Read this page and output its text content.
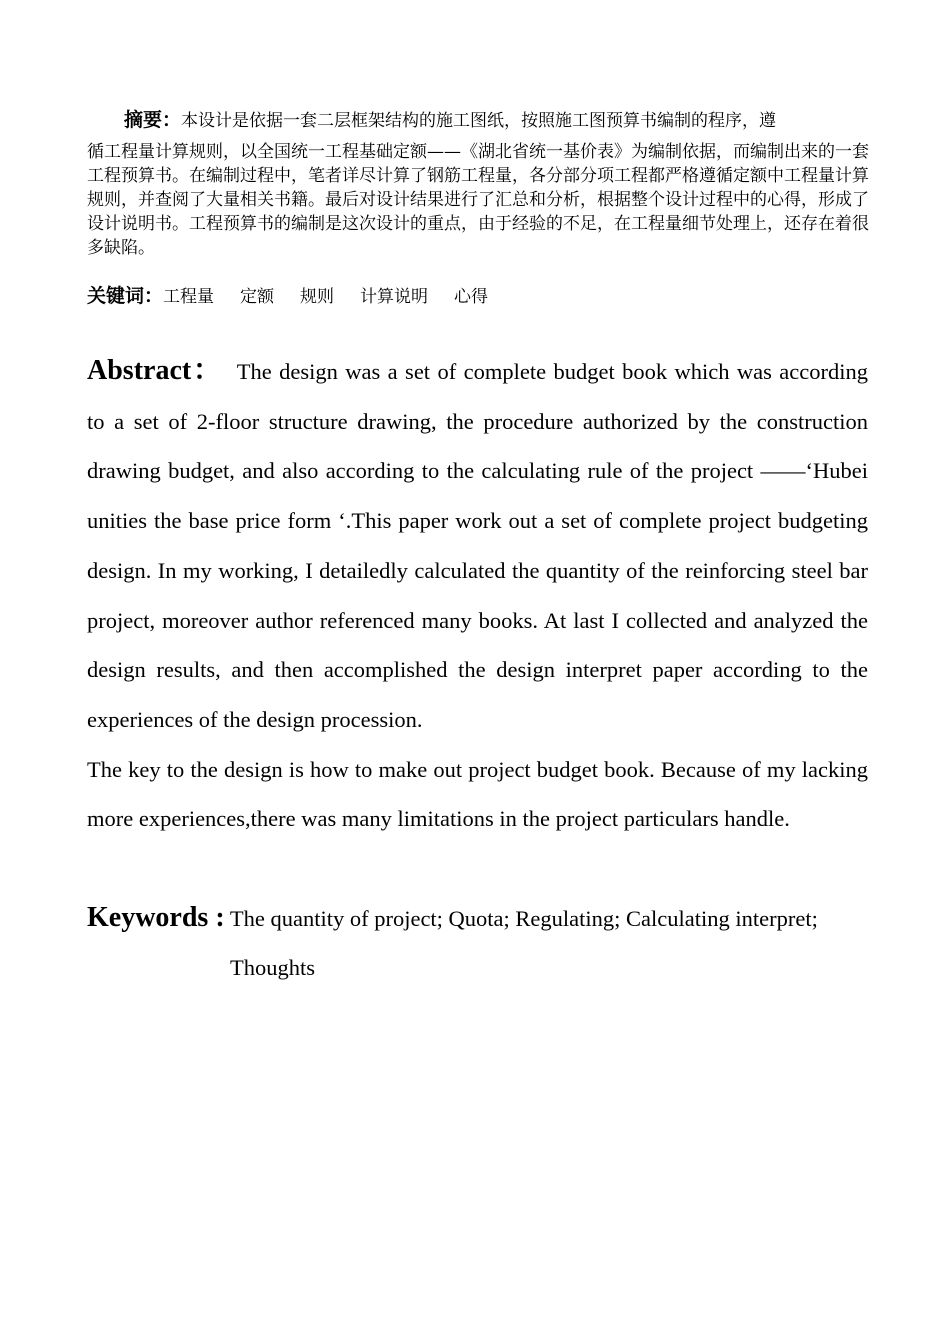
摘要：本设计是依据一套二层框架结构的施工图纸，按照施工图预算书编制的程序，遵
循工程量计算规则，以全国统一工程基础定额——《湖北省统一基价表》为编制依据，而编制出来的一套工程预算书。在编制过程中，笔者详尽计算了钢筋工程量，各分部分项工程都严格遵循定额中工程量计算规则，并查阅了大量相关书籍。最后对设计结果进行了汇总和分析，根据整个设计过程中的心得，形成了设计说明书。工程预算书的编制是这次设计的重点，由于经验的不足，在工程量细节处理上，还存在着很多缺陷。

关键词：工程量 定额 规则 计算说明 心得

Abstract： The design was a set of complete budget book which was according to a set of 2-floor structure drawing, the procedure authorized by the construction drawing budget, and also according to the calculating rule of the project ——‘Hubei unities the base price form ‘.This paper work out a set of complete project budgeting design. In my working, I detailedly calculated the quantity of the reinforcing steel bar project, moreover author referenced many books. At last I collected and analyzed the design results, and then accomplished the design interpret paper according to the experiences of the design procession.
The key to the design is how to make out project budget book. Because of my lacking more experiences,there was many limitations in the project particulars handle.

Keywords : The quantity of project; Quota; Regulating; Calculating interpret;
Thoughts
